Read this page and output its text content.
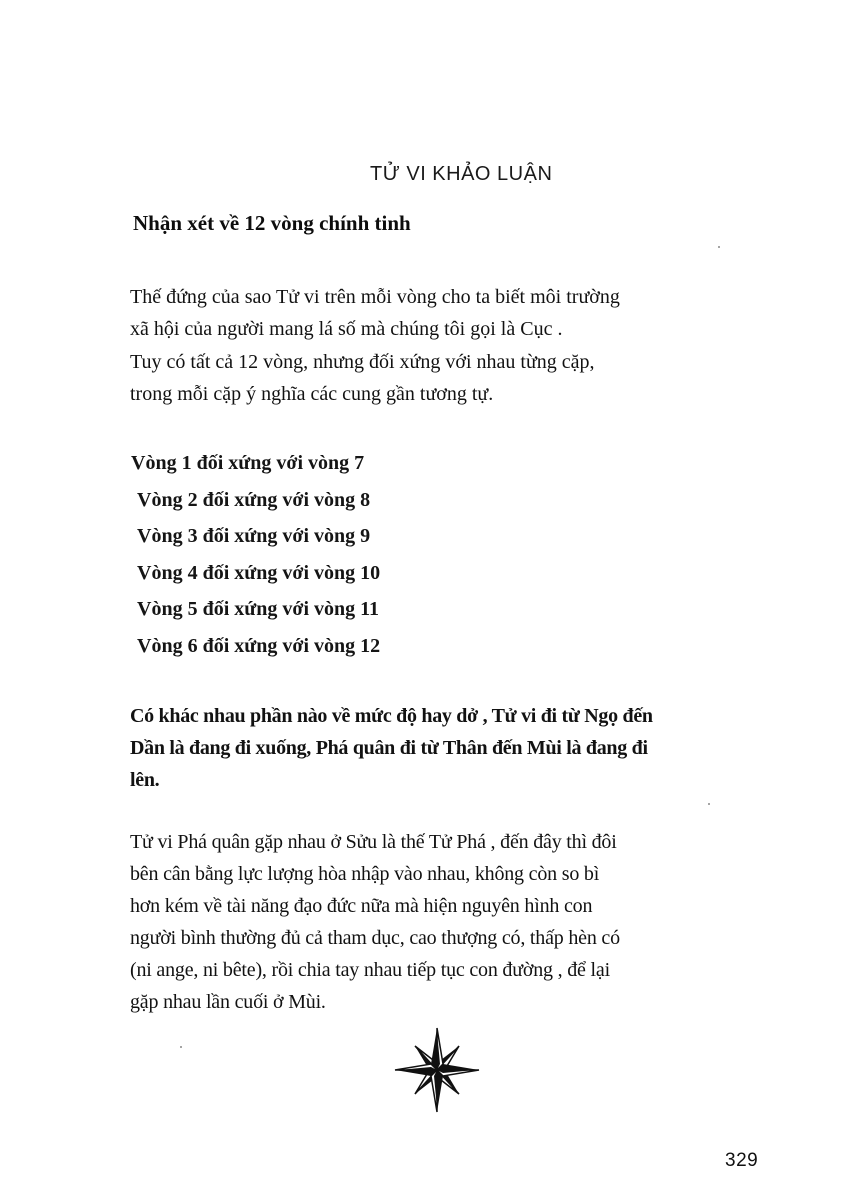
TỬ VI KHẢO LUẬN
Nhận xét về 12 vòng chính tinh

Thế đứng của sao Tử vi trên mỗi vòng cho ta biết môi trường
xã hội của người mang lá số mà chúng tôi gọi là Cục .

Tuy có tất cả 12 vòng, nhưng đối xứng với nhau từng cặp,
trong mỗi cặp ý nghĩa các cung gần tương tự.

Vòng 1 đối xứng với vòng 7
Vòng 2 đối xứng với vòng 8
Vòng 3 đối xứng với vòng 9
Vòng 4 đối xứng với vòng 10
Vòng 5 đối xứng với vòng 11
Vòng 6 đối xứng với vòng 12

Có khác nhau phần nào về mức độ hay dở , Tử vi đi từ Ngọ đến
Dần là đang đi xuống, Phá quân đi từ Thân đến Mùi là đang đi
lên.

Tử vi Phá quân gặp nhau ở Sửu là thế Tử Phá , đến đây thì đôi
bên cân bằng lực lượng hòa nhập vào nhau, không còn so bì
hơn kém về tài năng đạo đức nữa mà hiện nguyên hình con
người bình thường đủ cả tham dục, cao thượng có, thấp hèn có
(ni ange, ni bête), rồi chia tay nhau tiếp tục con đường , để lại
gặp nhau lần cuối ở Mùi.

329
